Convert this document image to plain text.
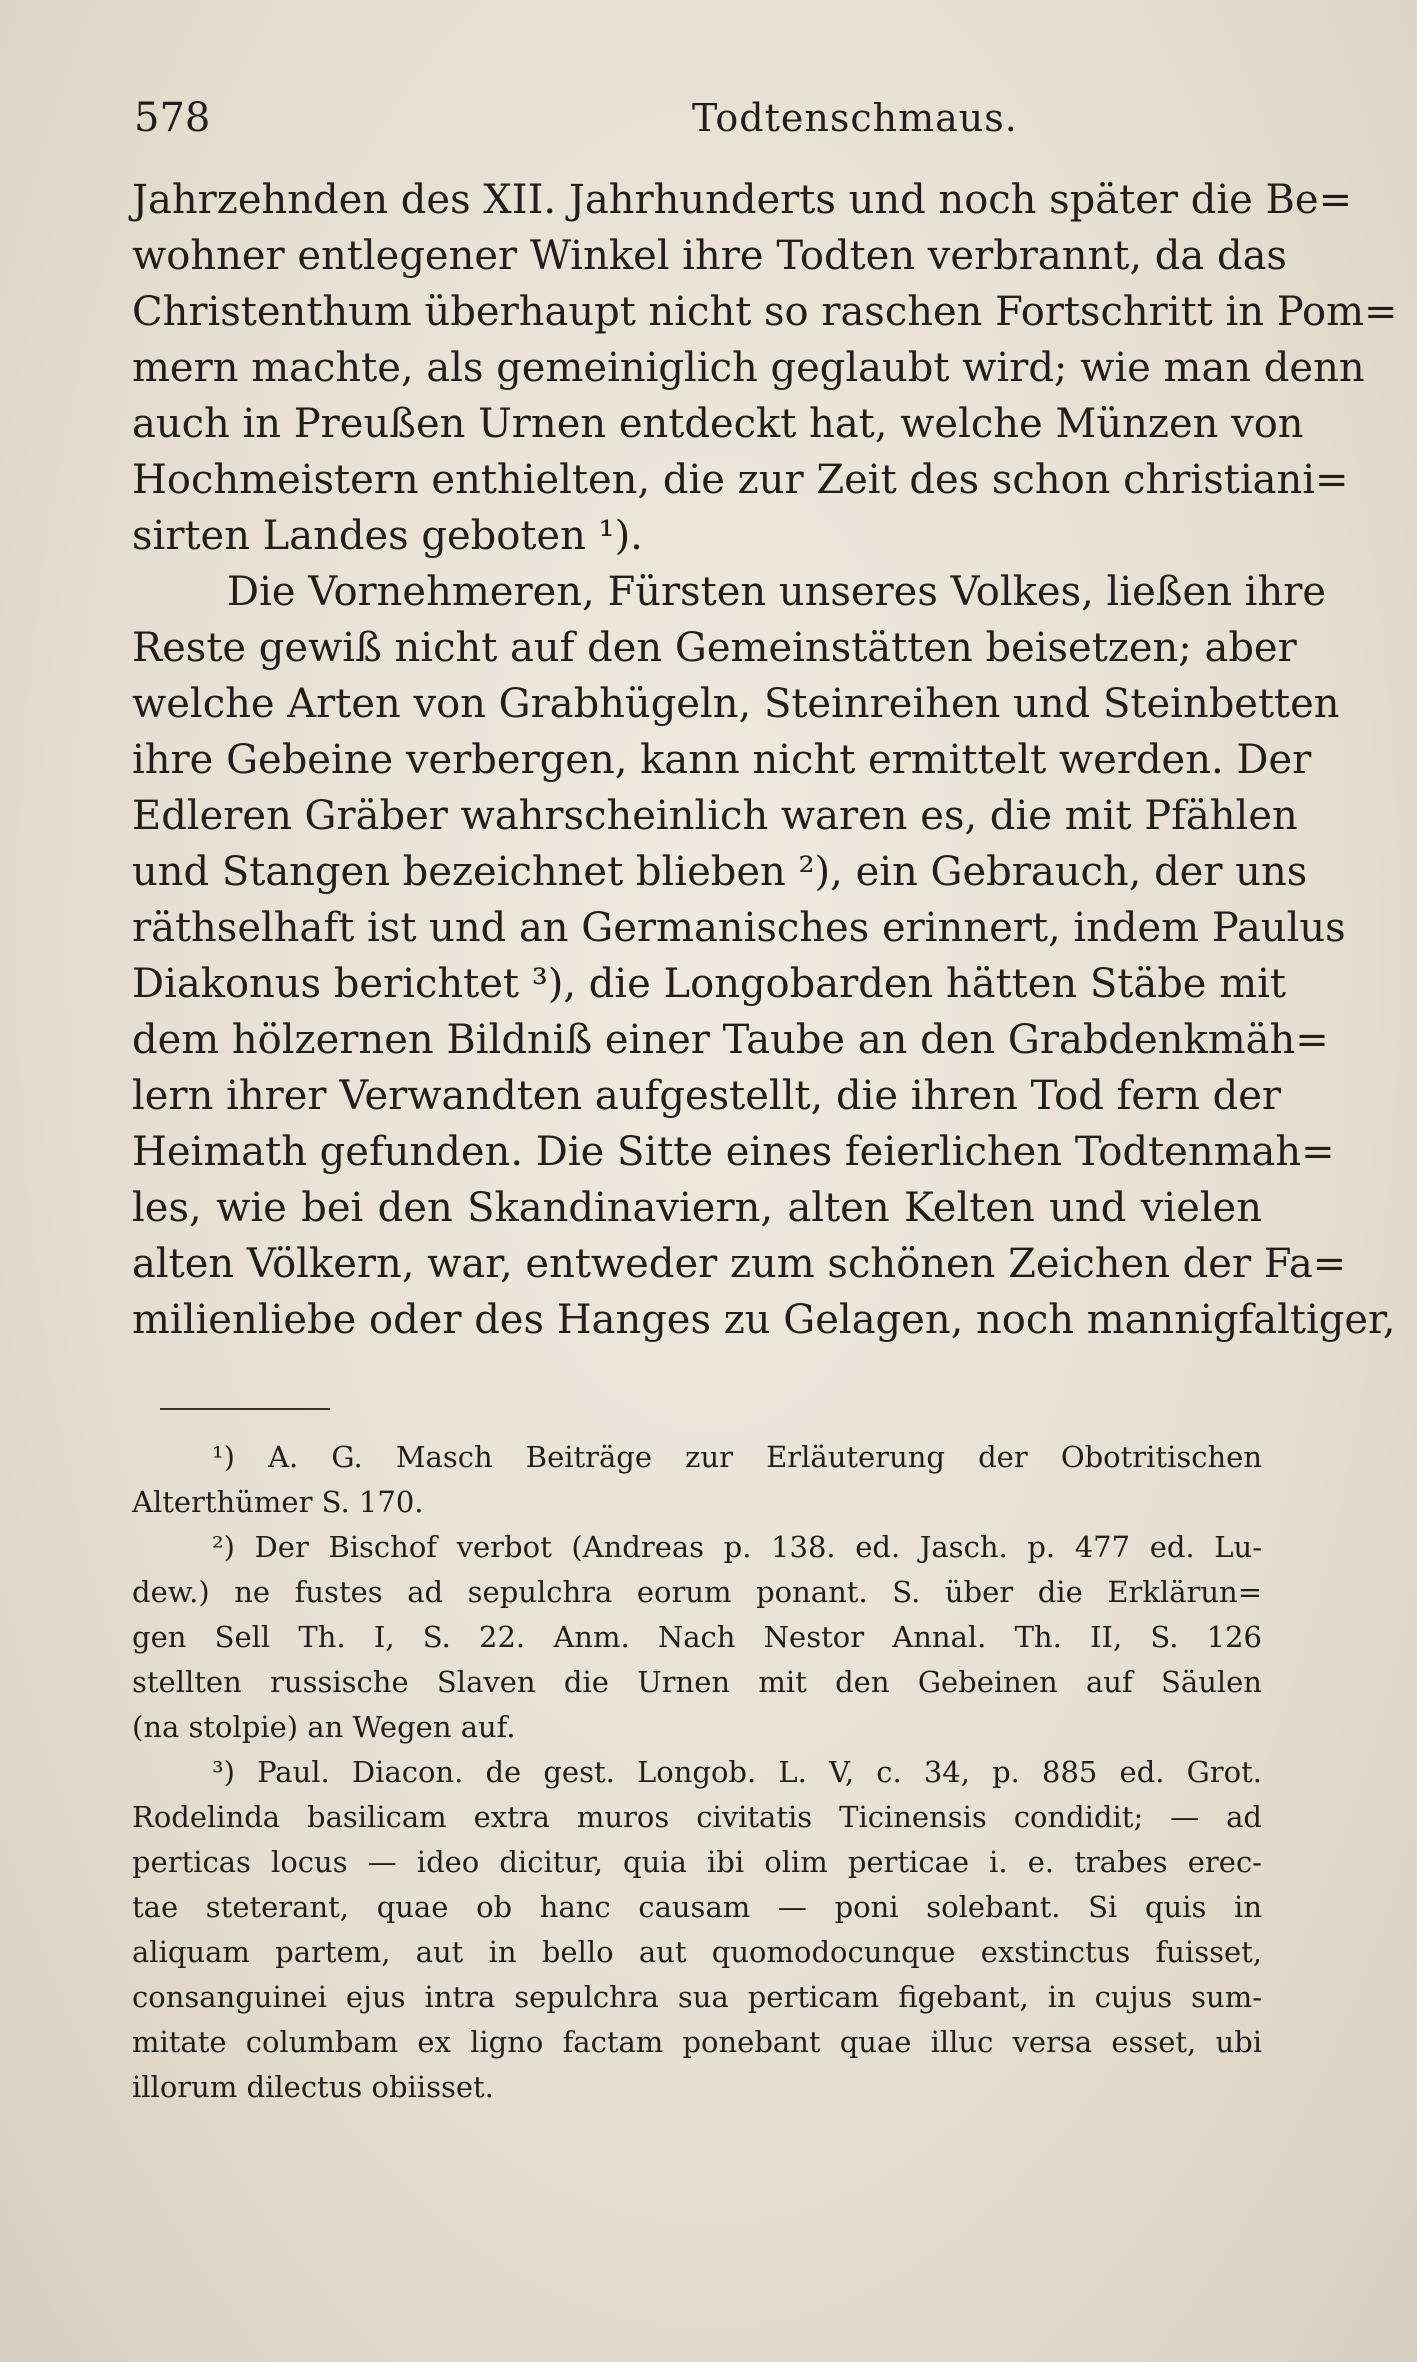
578	Todtenschmaus.
Jahrzehnden des XII. Jahrhunderts und noch später die Be=
wohner entlegener Winkel ihre Todten verbrannt, da das
Christenthum überhaupt nicht so raschen Fortschritt in Pom=
mern machte, als gemeiniglich geglaubt wird; wie man denn
auch in Preußen Urnen entdeckt hat, welche Münzen von
Hochmeistern enthielten, die zur Zeit des schon christiani=
sirten Landes geboten ¹).
Die Vornehmeren, Fürsten unseres Volkes, ließen ihre
Reste gewiß nicht auf den Gemeinstätten beisetzen; aber
welche Arten von Grabhügeln, Steinreihen und Steinbetten
ihre Gebeine verbergen, kann nicht ermittelt werden. Der
Edleren Gräber wahrscheinlich waren es, die mit Pfählen
und Stangen bezeichnet blieben ²), ein Gebrauch, der uns
räthselhaft ist und an Germanisches erinnert, indem Paulus
Diakonus berichtet ³), die Longobarden hätten Stäbe mit
dem hölzernen Bildniß einer Taube an den Grabdenkmäh=
lern ihrer Verwandten aufgestellt, die ihren Tod fern der
Heimath gefunden. Die Sitte eines feierlichen Todtenmah=
les, wie bei den Skandinaviern, alten Kelten und vielen
alten Völkern, war, entweder zum schönen Zeichen der Fa=
milienliebe oder des Hanges zu Gelagen, noch mannigfaltiger,
¹) A. G. Masch Beiträge zur Erläuterung der Obotritischen
Alterthümer S. 170.
²) Der Bischof verbot (Andreas p. 138. ed. Jasch. p. 477 ed. Lu-
dew.) ne fustes ad sepulchra eorum ponant. S. über die Erklärun=
gen Sell Th. I, S. 22. Anm. Nach Nestor Annal. Th. II, S. 126
stellten russische Slaven die Urnen mit den Gebeinen auf Säulen
(na stolpie) an Wegen auf.
³) Paul. Diacon. de gest. Longob. L. V, c. 34, p. 885 ed. Grot.
Rodelinda basilicam extra muros civitatis Ticinensis condidit; — ad
perticas locus — ideo dicitur, quia ibi olim perticae i. e. trabes erec-
tae steterant, quae ob hanc causam — poni solebant. Si quis in
aliquam partem, aut in bello aut quomodocunque exstinctus fuisset,
consanguinei ejus intra sepulchra sua perticam figebant, in cujus sum-
mitate columbam ex ligno factam ponebant quae illuc versa esset, ubi
illorum dilectus obiisset.
